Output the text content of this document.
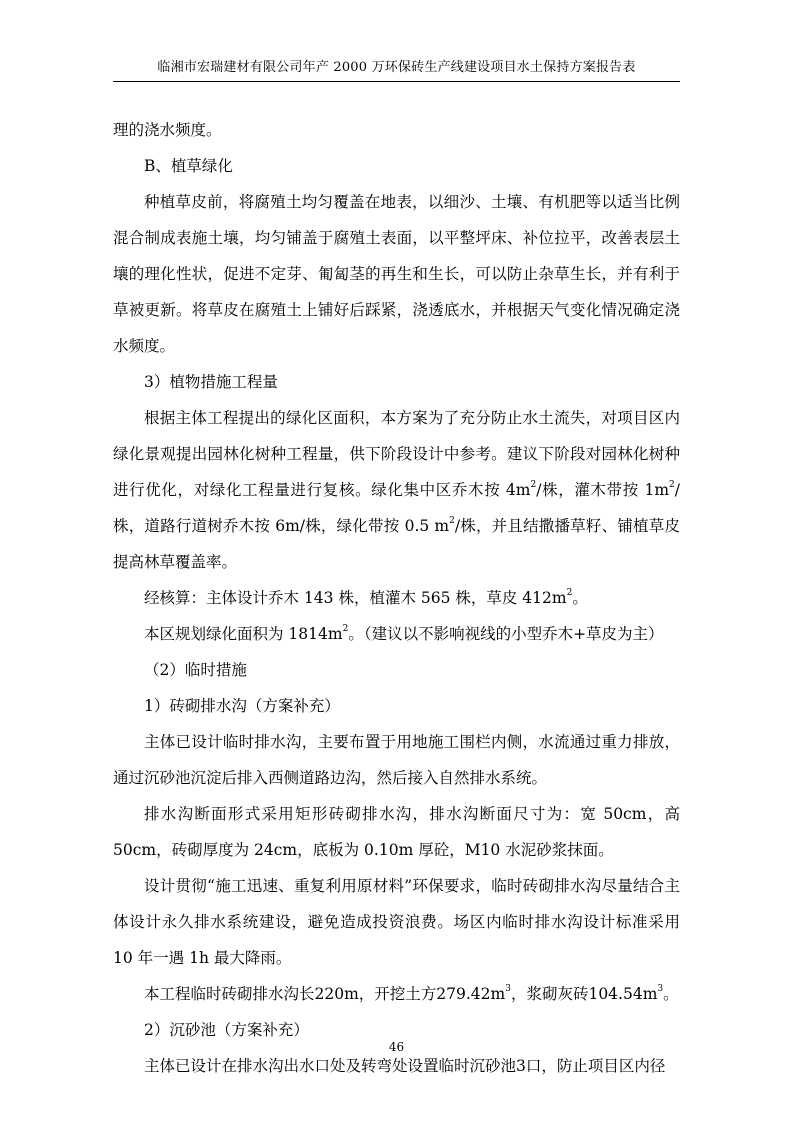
临湘市宏瑞建材有限公司年产 2000 万环保砖生产线建设项目水土保持方案报告表

理的浇水频度。

B、植草绿化

种植草皮前，将腐殖土均匀覆盖在地表，以细沙、土壤、有机肥等以适当比例混合制成表施土壤，均匀铺盖于腐殖土表面，以平整坪床、补位拉平，改善表层土壤的理化性状，促进不定芽、匍匐茎的再生和生长，可以防止杂草生长，并有利于草被更新。将草皮在腐殖土上铺好后踩紧，浇透底水，并根据天气变化情况确定浇水频度。

3）植物措施工程量

根据主体工程提出的绿化区面积，本方案为了充分防止水土流失，对项目区内绿化景观提出园林化树种工程量，供下阶段设计中参考。建议下阶段对园林化树种进行优化，对绿化工程量进行复核。绿化集中区乔木按 $4m^2/$株，灌木带按 $1m^2/$株，道路行道树乔木按 6m/株，绿化带按 0.5 $m^2/$株，并且结撒播草籽、铺植草皮提高林草覆盖率。

经核算：主体设计乔木 143 株，植灌木 565 株，草皮 $412m^2$。

本区规划绿化面积为 $1814m^2$。（建议以不影响视线的小型乔木+草皮为主）

（2）临时措施

1）砖砌排水沟（方案补充）

主体已设计临时排水沟，主要布置于用地施工围栏内侧，水流通过重力排放，通过沉砂池沉淀后排入西侧道路边沟，然后接入自然排水系统。

排水沟断面形式采用矩形砖砌排水沟，排水沟断面尺寸为：宽 50cm，高 50cm，砖砌厚度为 24cm，底板为 0.10m 厚砼，M10 水泥砂浆抹面。

设计贯彻“施工迅速、重复利用原材料”环保要求，临时砖砌排水沟尽量结合主体设计永久排水系统建设，避免造成投资浪费。场区内临时排水沟设计标准采用 10 年一遇 1h 最大降雨。

本工程临时砖砌排水沟长220m，开挖土方$279.42m^3$，浆砌灰砖$104.54m^3$。

2）沉砂池（方案补充）

主体已设计在排水沟出水口处及转弯处设置临时沉砂池3口，防止项目区内径

46
